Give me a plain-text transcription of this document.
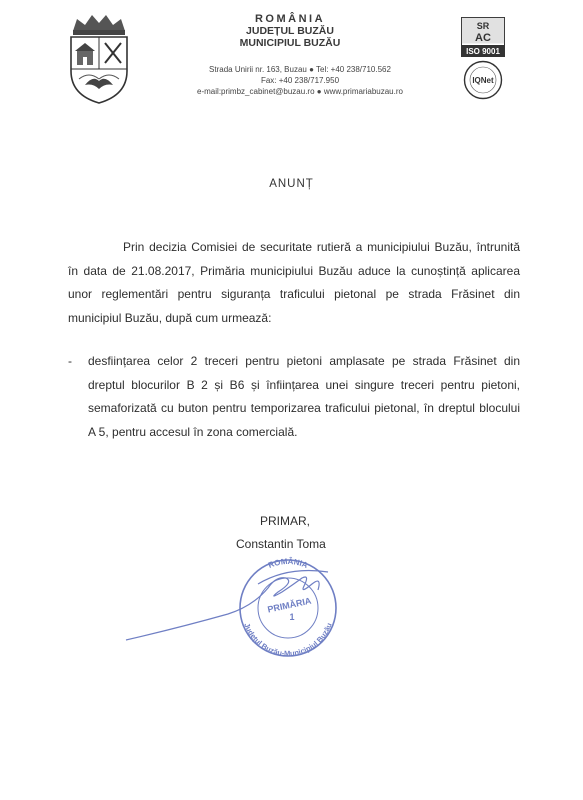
ROMÂNIA
JUDEȚUL BUZĂU
MUNICIPIUL BUZĂU
Strada Unirii nr. 163, Buzau ● Tel: +40 238/710.562
Fax: +40 238/717.950
e-mail:primbz_cabinet@buzau.ro ● www.primariabuzau.ro
SR
AC
ISO 9001
IQNet
ANUNȚ
Prin decizia Comisiei de securitate rutieră a municipiului Buzău, întrunită în data de 21.08.2017, Primăria municipiului Buzău aduce la cunoștință aplicarea unor reglementări pentru siguranța traficului pietonal pe strada Frăsinet din municipiul Buzău, după cum urmează:
- desființarea celor 2 treceri pentru pietoni amplasate pe strada Frăsinet din dreptul blocurilor B 2 și B6 și înființarea unei singure treceri pentru pietoni, semaforizată cu buton pentru temporizarea traficului pietonal, în dreptul blocului A 5, pentru accesul în zona comercială.
PRIMAR,
Constantin Toma
ROMÂNIA
Județul Buzău-Municipiul Buzău
PRIMĂRIA
1
